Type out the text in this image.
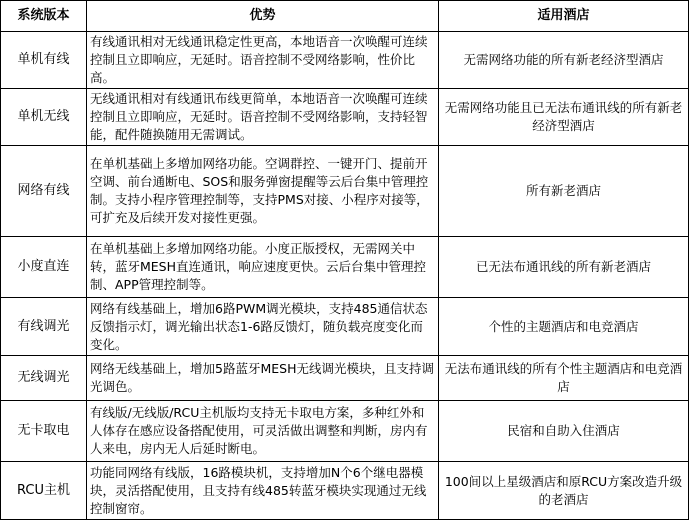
系统版本	优势	适用酒店
单机有线	有线通讯相对无线通讯稳定性更高，本地语音一次唤醒可连续控制且立即响应，无延时。语音控制不受网络影响，性价比高。	无需网络功能的所有新老经济型酒店
单机无线	无线通讯相对有线通讯布线更简单，本地语音一次唤醒可连续控制且立即响应，无延时。语音控制不受网络影响，支持轻智能，配件随换随用无需调试。	无需网络功能且已无法布通讯线的所有新老经济型酒店
网络有线	在单机基础上多增加网络功能。空调群控、一键开门、提前开空调、前台通断电、SOS和服务弹窗提醒等云后台集中管理控制。支持小程序管理控制等，支持PMS对接、小程序对接等，可扩充及后续开发对接性更强。	所有新老酒店
小度直连	在单机基础上多增加网络功能。小度正版授权，无需网关中转，蓝牙MESH直连通讯，响应速度更快。云后台集中管理控制、APP管理控制等。	已无法布通讯线的所有新老酒店
有线调光	网络有线基础上，增加6路PWM调光模块，支持485通信状态反馈指示灯，调光输出状态1-6路反馈灯，随负载亮度变化而变化。	个性的主题酒店和电竞酒店
无线调光	网络无线基础上，增加5路蓝牙MESH无线调光模块，且支持调光调色。	无法布通讯线的所有个性主题酒店和电竞酒店
无卡取电	有线版/无线版/RCU主机版均支持无卡取电方案，多种红外和人体存在感应设备搭配使用，可灵活做出调整和判断，房内有人来电，房内无人后延时断电。	民宿和自助入住酒店
RCU主机	功能同网络有线版，16路模块机，支持增加N个6个继电器模块，灵活搭配使用，且支持有线485转蓝牙模块实现通过无线控制窗帘。	100间以上星级酒店和原RCU方案改造升级的老酒店
